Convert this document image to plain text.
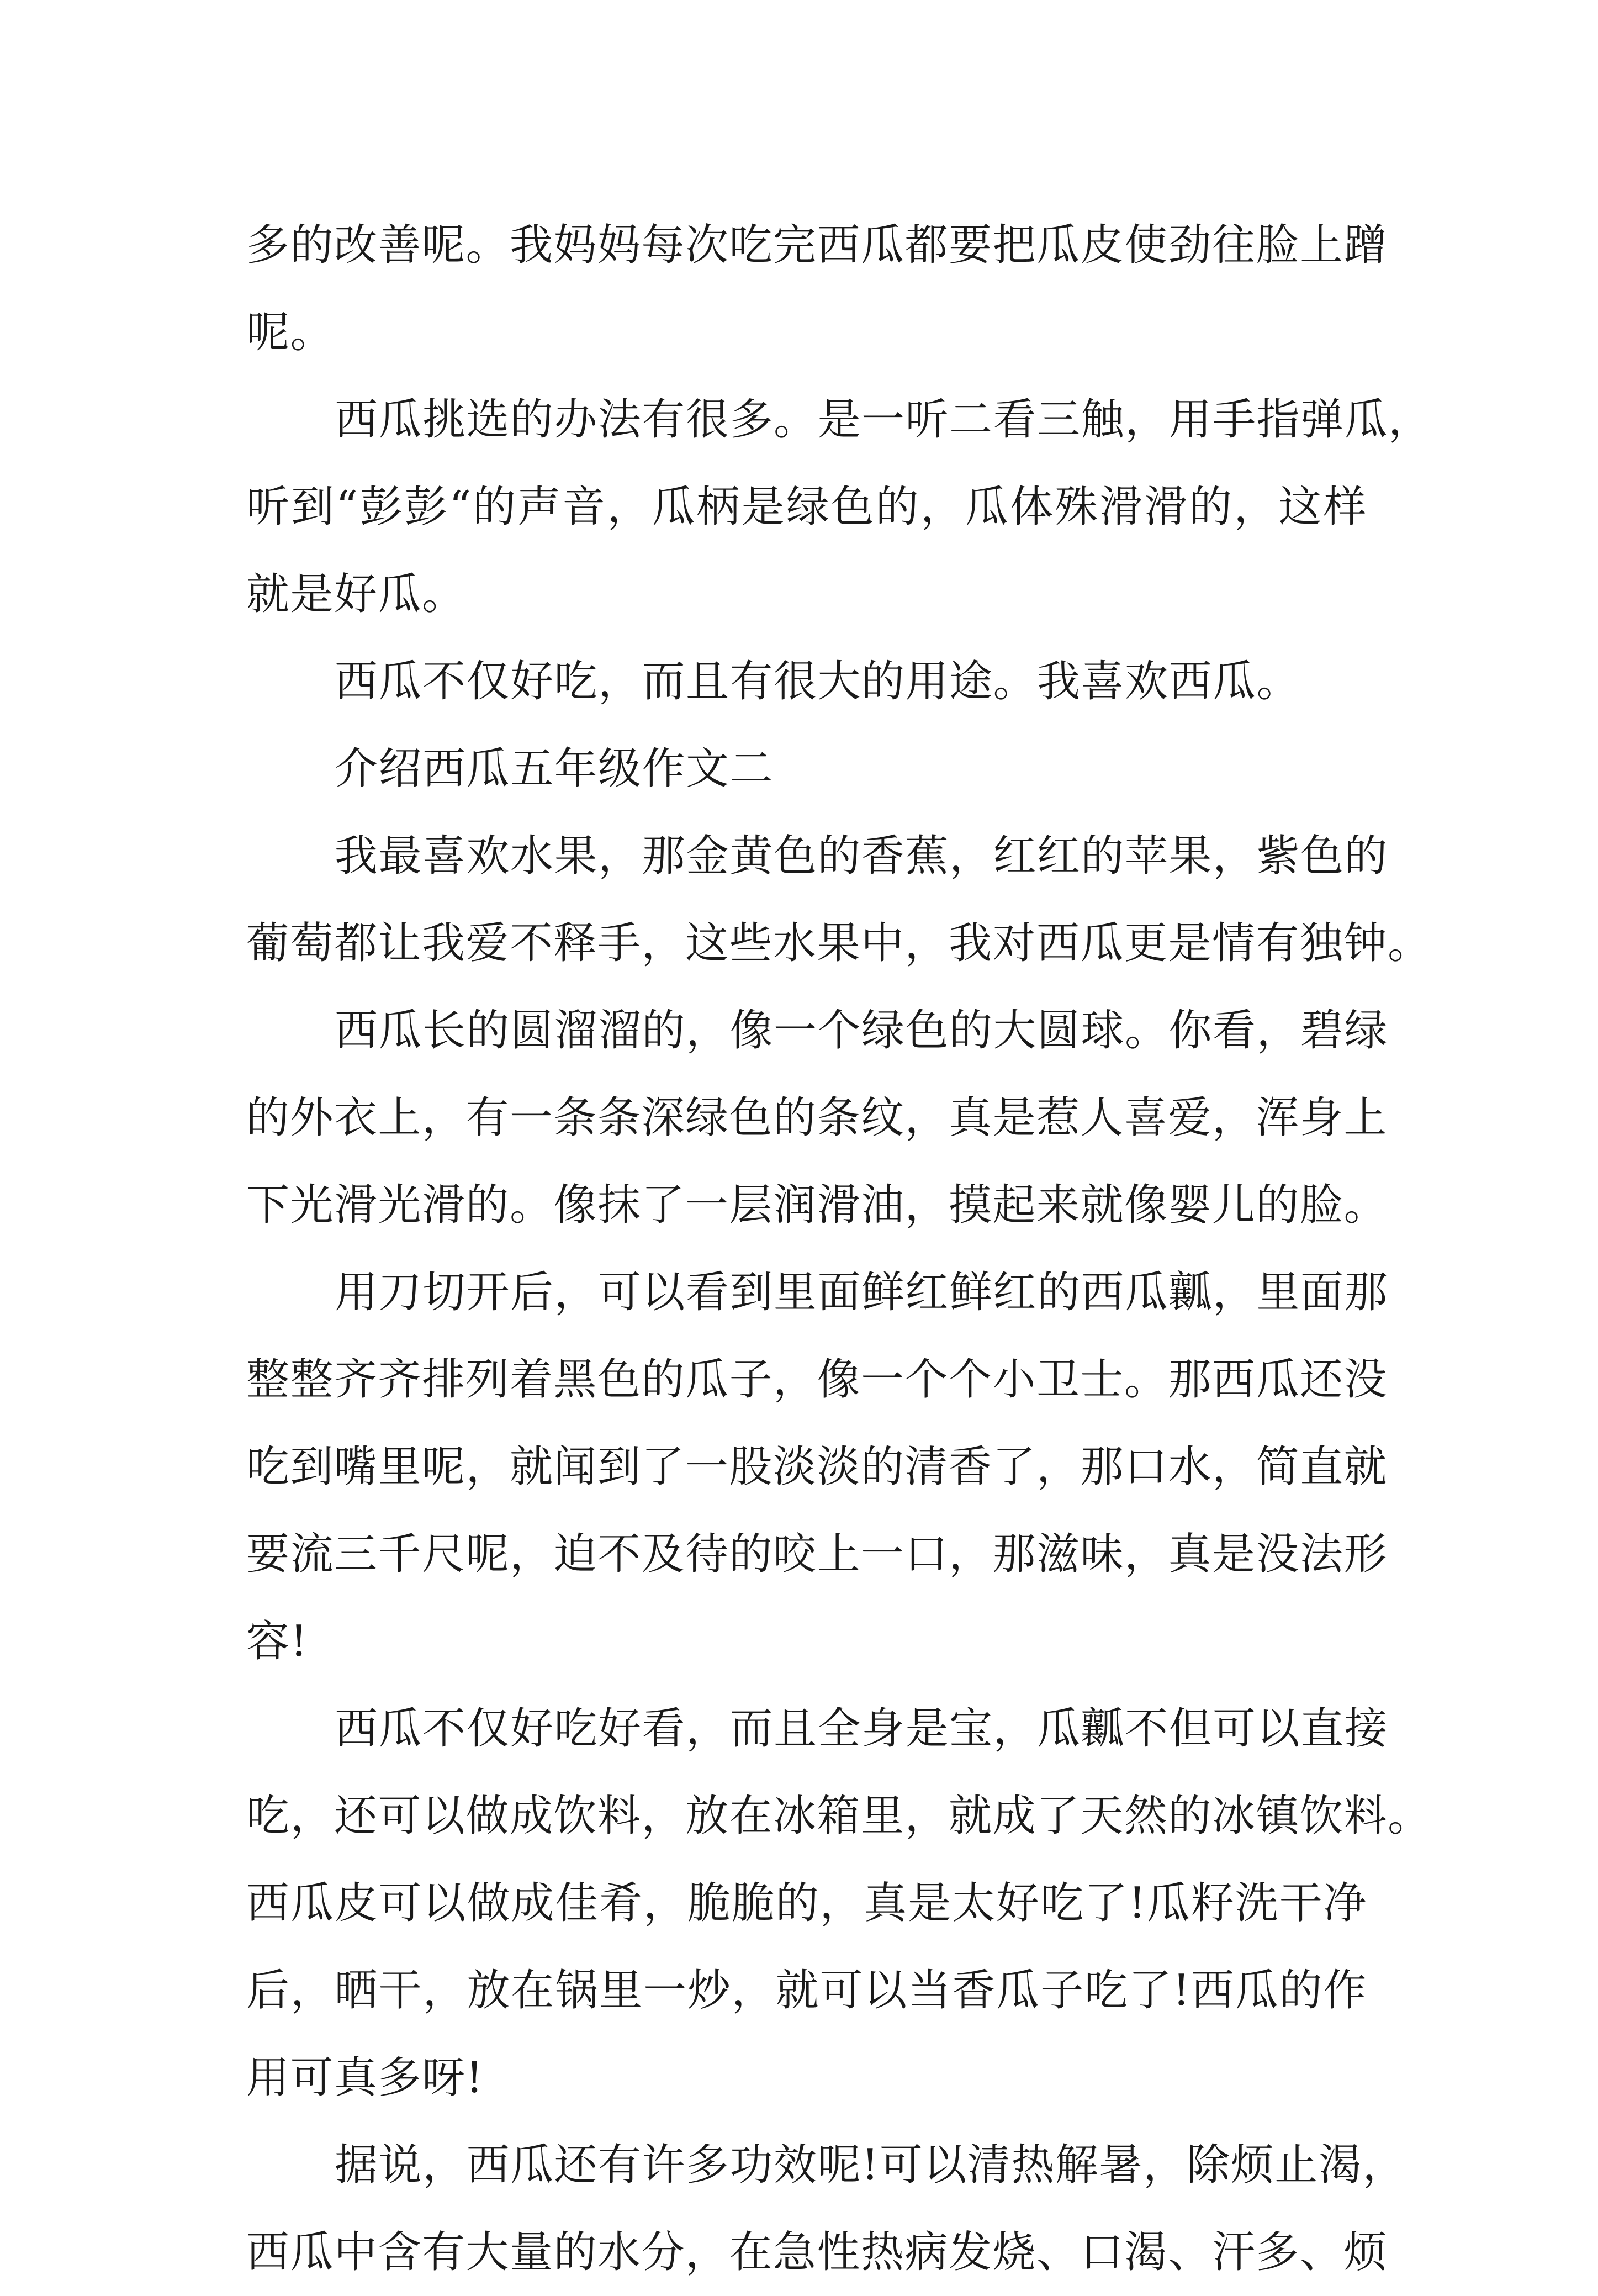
多的改善呢。我妈妈每次吃完西瓜都要把瓜皮使劲往脸上蹭
呢。
西瓜挑选的办法有很多。是一听二看三触，用手指弹瓜，
听到“彭彭“的声音，瓜柄是绿色的，瓜体殊滑滑的，这样
就是好瓜。
西瓜不仅好吃，而且有很大的用途。我喜欢西瓜。
介绍西瓜五年级作文二
我最喜欢水果，那金黄色的香蕉，红红的苹果，紫色的
葡萄都让我爱不释手，这些水果中，我对西瓜更是情有独钟。
西瓜长的圆溜溜的，像一个绿色的大圆球。你看，碧绿
的外衣上，有一条条深绿色的条纹，真是惹人喜爱，浑身上
下光滑光滑的。像抹了一层润滑油，摸起来就像婴儿的脸。
用刀切开后，可以看到里面鲜红鲜红的西瓜瓤，里面那
整整齐齐排列着黑色的瓜子，像一个个小卫士。那西瓜还没
吃到嘴里呢，就闻到了一股淡淡的清香了，那口水，简直就
要流三千尺呢，迫不及待的咬上一口，那滋味，真是没法形
容!
西瓜不仅好吃好看，而且全身是宝，瓜瓤不但可以直接
吃，还可以做成饮料，放在冰箱里，就成了天然的冰镇饮料。
西瓜皮可以做成佳肴，脆脆的，真是太好吃了!瓜籽洗干净
后，晒干，放在锅里一炒，就可以当香瓜子吃了!西瓜的作
用可真多呀!
据说，西瓜还有许多功效呢!可以清热解暑，除烦止渴，
西瓜中含有大量的水分，在急性热病发烧、口渴、汗多、烦
